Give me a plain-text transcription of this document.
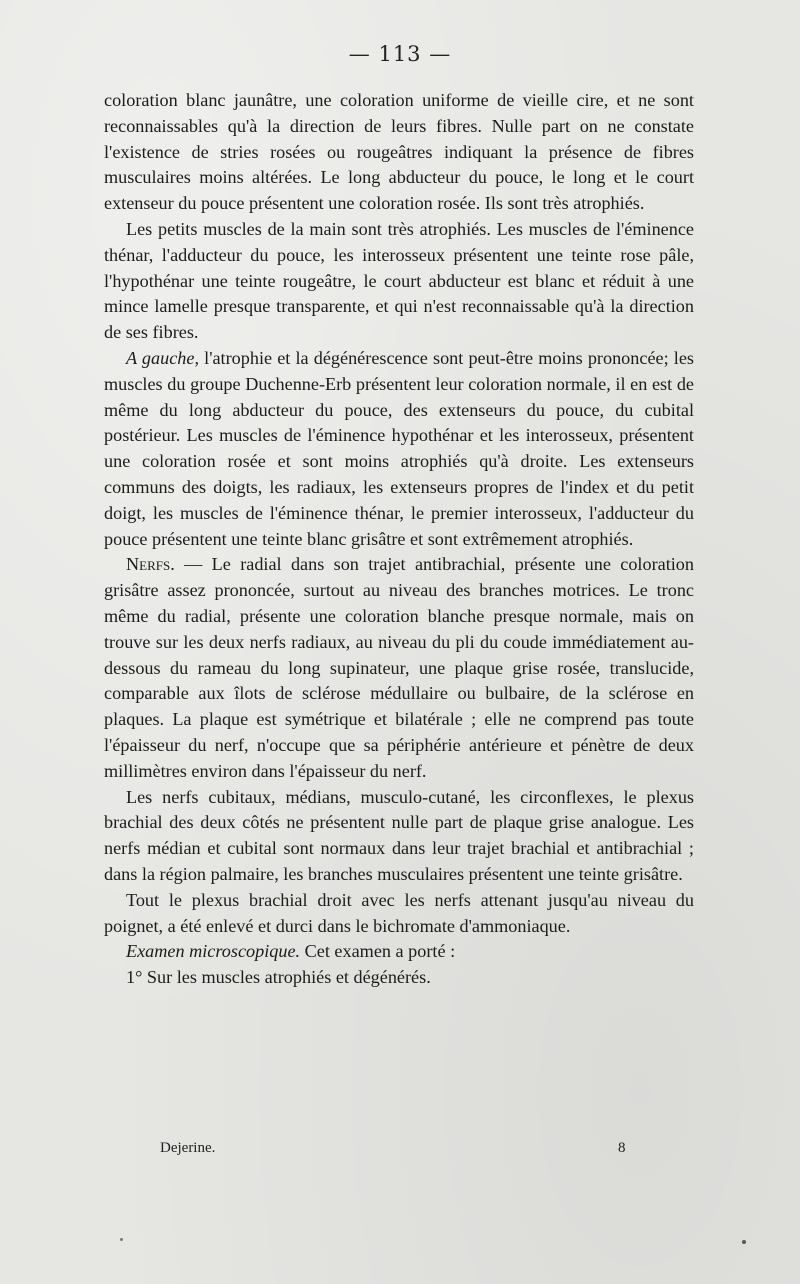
— 113 —

coloration blanc jaunâtre, une coloration uniforme de vieille cire, et ne sont reconnaissables qu'à la direction de leurs fibres. Nulle part on ne constate l'existence de stries rosées ou rougeâtres indiquant la présence de fibres musculaires moins altérées. Le long abducteur du pouce, le long et le court extenseur du pouce présentent une coloration rosée. Ils sont très atrophiés.

Les petits muscles de la main sont très atrophiés. Les muscles de l'éminence thénar, l'adducteur du pouce, les interosseux présentent une teinte rose pâle, l'hypothénar une teinte rougeâtre, le court abducteur est blanc et réduit à une mince lamelle presque transparente, et qui n'est reconnaissable qu'à la direction de ses fibres.

A gauche, l'atrophie et la dégénérescence sont peut-être moins prononcée; les muscles du groupe Duchenne-Erb présentent leur coloration normale, il en est de même du long abducteur du pouce, des extenseurs du pouce, du cubital postérieur. Les muscles de l'éminence hypothénar et les interosseux, présentent une coloration rosée et sont moins atrophiés qu'à droite. Les extenseurs communs des doigts, les radiaux, les extenseurs propres de l'index et du petit doigt, les muscles de l'éminence thénar, le premier interosseux, l'adducteur du pouce présentent une teinte blanc grisâtre et sont extrêmement atrophiés.

Nerfs. — Le radial dans son trajet antibrachial, présente une coloration grisâtre assez prononcée, surtout au niveau des branches motrices. Le tronc même du radial, présente une coloration blanche presque normale, mais on trouve sur les deux nerfs radiaux, au niveau du pli du coude immédiatement au-dessous du rameau du long supinateur, une plaque grise rosée, translucide, comparable aux îlots de sclérose médullaire ou bulbaire, de la sclérose en plaques. La plaque est symétrique et bilatérale ; elle ne comprend pas toute l'épaisseur du nerf, n'occupe que sa périphérie antérieure et pénètre de deux millimètres environ dans l'épaisseur du nerf.

Les nerfs cubitaux, médians, musculo-cutané, les circonflexes, le plexus brachial des deux côtés ne présentent nulle part de plaque grise analogue. Les nerfs médian et cubital sont normaux dans leur trajet brachial et antibrachial ; dans la région palmaire, les branches musculaires présentent une teinte grisâtre.

Tout le plexus brachial droit avec les nerfs attenant jusqu'au niveau du poignet, a été enlevé et durci dans le bichromate d'ammoniaque.

Examen microscopique. Cet examen a porté :

1° Sur les muscles atrophiés et dégénérés.

Dejerine.	8
